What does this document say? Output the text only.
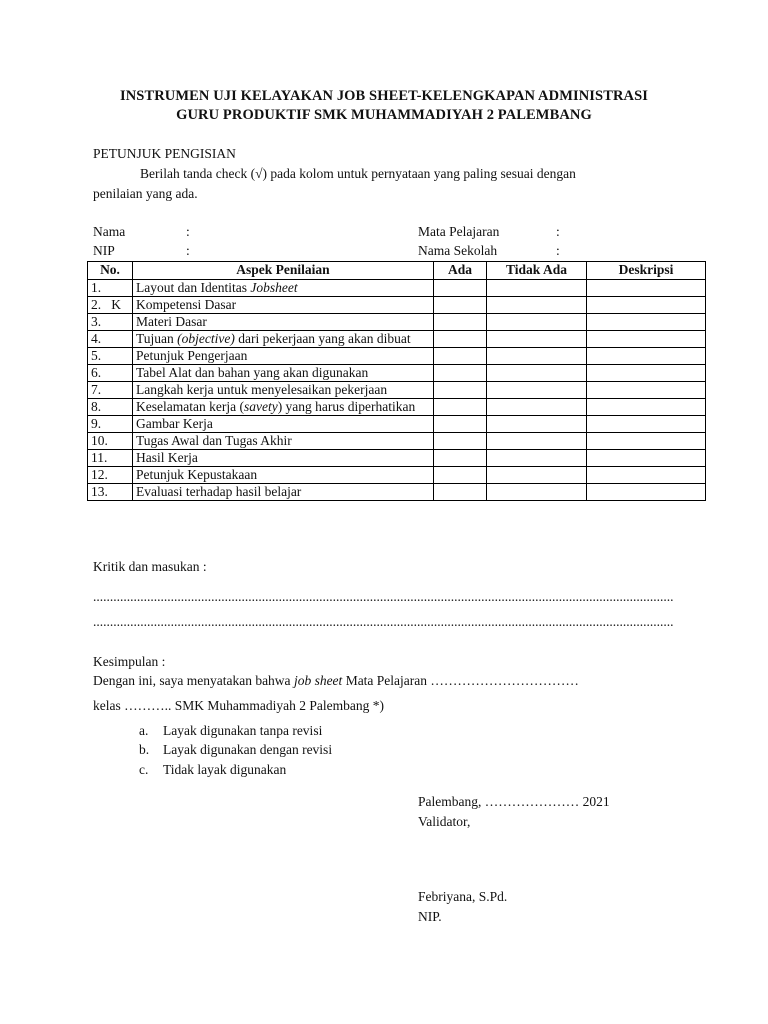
INSTRUMEN UJI KELAYAKAN JOB SHEET-KELENGKAPAN ADMINISTRASI
GURU PRODUKTIF SMK MUHAMMADIYAH 2 PALEMBANG
PETUNJUK PENGISIAN
Berilah tanda check (√) pada kolom untuk pernyataan yang paling sesuai dengan
penilaian yang ada.
Nama	:	Mata Pelajaran	:
NIP	:	Nama Sekolah	:
No.	Aspek Penilaian	Ada	Tidak Ada	Deskripsi
1.	Layout dan Identitas Jobsheet			
2.   K	Kompetensi Dasar			
3.	Materi Dasar			
4.	Tujuan (objective) dari pekerjaan yang akan dibuat			
5.	Petunjuk Pengerjaan			
6.	Tabel Alat dan bahan yang akan digunakan			
7.	Langkah kerja untuk menyelesaikan pekerjaan			
8.	Keselamatan kerja (savety) yang harus diperhatikan			
9.	Gambar Kerja			
10.	Tugas Awal dan Tugas Akhir			
11.	Hasil Kerja			
12.	Petunjuk Kepustakaan			
13.	Evaluasi terhadap hasil belajar			
Kritik dan masukan :
............................................................................................................................................................................
............................................................................................................................................................................
Kesimpulan :
Dengan ini, saya menyatakan bahwa job sheet Mata Pelajaran ……………………………
kelas ……….. SMK Muhammadiyah 2 Palembang *)
a. Layak digunakan tanpa revisi
b. Layak digunakan dengan revisi
c. Tidak layak digunakan
Palembang, ………………… 2021
Validator,
Febriyana, S.Pd.
NIP.
